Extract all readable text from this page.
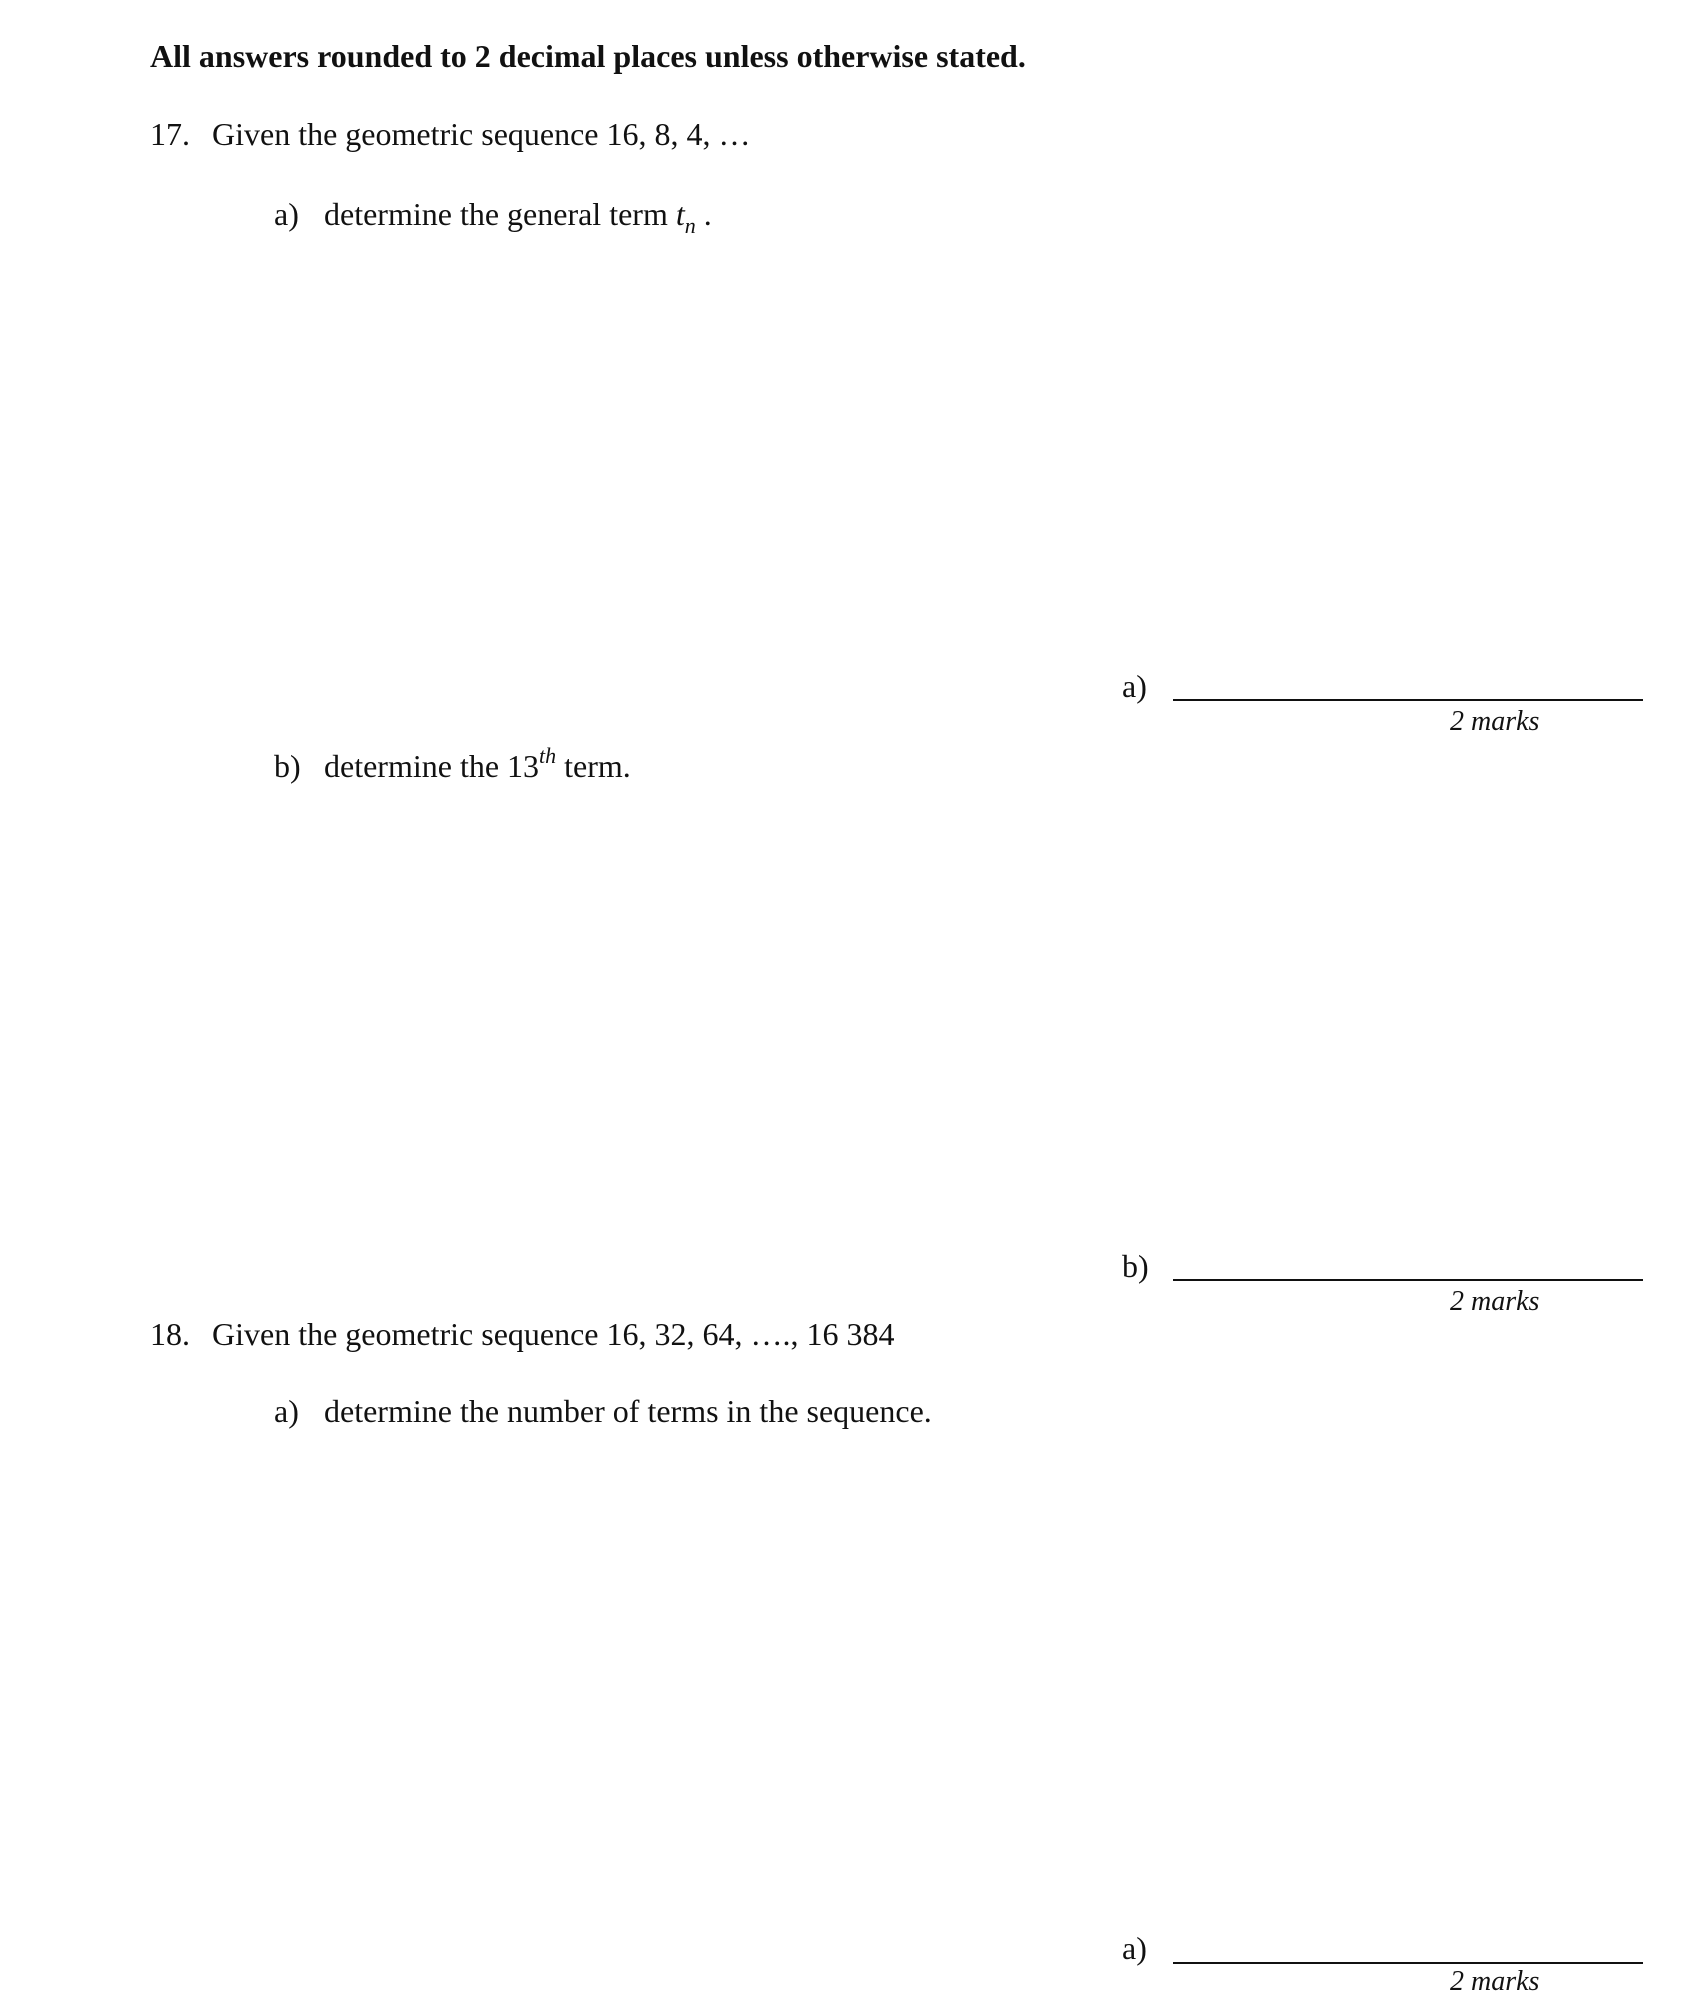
All answers rounded to 2 decimal places unless otherwise stated.
17. Given the geometric sequence 16, 8, 4, …
a) determine the general term $t_n$ .
a)
2 marks
b) determine the 13th term.
b)
2 marks
18. Given the geometric sequence 16, 32, 64, …., 16 384
a) determine the number of terms in the sequence.
a)
2 marks
